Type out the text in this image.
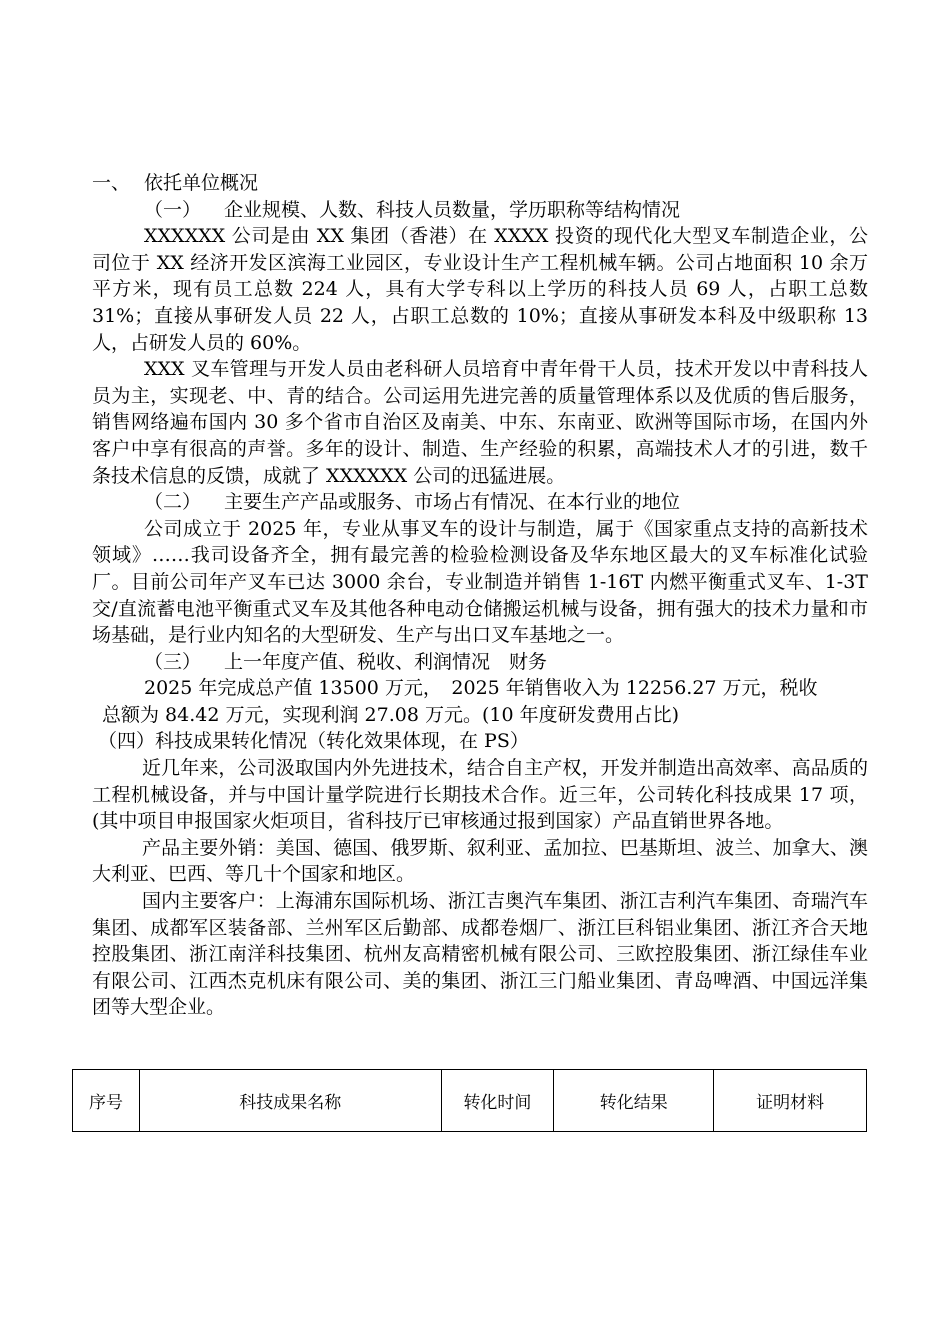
一、 依托单位概况

（一） 企业规模、人数、科技人员数量，学历职称等结构情况

XXXXXX 公司是由 XX 集团（香港）在 XXXX 投资的现代化大型叉车制造企业，公司位于 XX 经济开发区滨海工业园区，专业设计生产工程机械车辆。公司占地面积 10 余万平方米，现有员工总数 224 人，具有大学专科以上学历的科技人员 69 人，占职工总数 31%；直接从事研发人员 22 人，占职工总数的 10%；直接从事研发本科及中级职称 13 人，占研发人员的 60%。

XXX 叉车管理与开发人员由老科研人员培育中青年骨干人员，技术开发以中青科技人员为主，实现老、中、青的结合。公司运用先进完善的质量管理体系以及优质的售后服务，销售网络遍布国内 30 多个省市自治区及南美、中东、东南亚、欧洲等国际市场，在国内外客户中享有很高的声誉。多年的设计、制造、生产经验的积累，高端技术人才的引进，数千条技术信息的反馈，成就了 XXXXXX 公司的迅猛进展。

（二） 主要生产产品或服务、市场占有情况、在本行业的地位

公司成立于 2025 年，专业从事叉车的设计与制造，属于《国家重点支持的高新技术领域》……我司设备齐全，拥有最完善的检验检测设备及华东地区最大的叉车标准化试验厂。目前公司年产叉车已达 3000 余台，专业制造并销售 1-16T 内燃平衡重式叉车、1-3T 交/直流蓄电池平衡重式叉车及其他各种电动仓储搬运机械与设备，拥有强大的技术力量和市场基础，是行业内知名的大型研发、生产与出口叉车基地之一。

（三） 上一年度产值、税收、利润情况　财务

2025 年完成总产值 13500 万元，　2025 年销售收入为 12256.27 万元，税收
总额为 84.42 万元，实现利润 27.08 万元。(10 年度研发费用占比)

（四）科技成果转化情况（转化效果体现，在 PS）

近几年来，公司汲取国内外先进技术，结合自主产权，开发并制造出高效率、高品质的工程机械设备，并与中国计量学院进行长期技术合作。近三年，公司转化科技成果 17 项，(其中项目申报国家火炬项目，省科技厅已审核通过报到国家）产品直销世界各地。

产品主要外销：美国、德国、俄罗斯、叙利亚、孟加拉、巴基斯坦、波兰、加拿大、澳大利亚、巴西、等几十个国家和地区。

国内主要客户：上海浦东国际机场、浙江吉奥汽车集团、浙江吉利汽车集团、奇瑞汽车集团、成都军区装备部、兰州军区后勤部、成都卷烟厂、浙江巨科铝业集团、浙江齐合天地控股集团、浙江南洋科技集团、杭州友高精密机械有限公司、三欧控股集团、浙江绿佳车业有限公司、江西杰克机床有限公司、美的集团、浙江三门船业集团、青岛啤酒、中国远洋集团等大型企业。

序号	科技成果名称	转化时间	转化结果	证明材料
